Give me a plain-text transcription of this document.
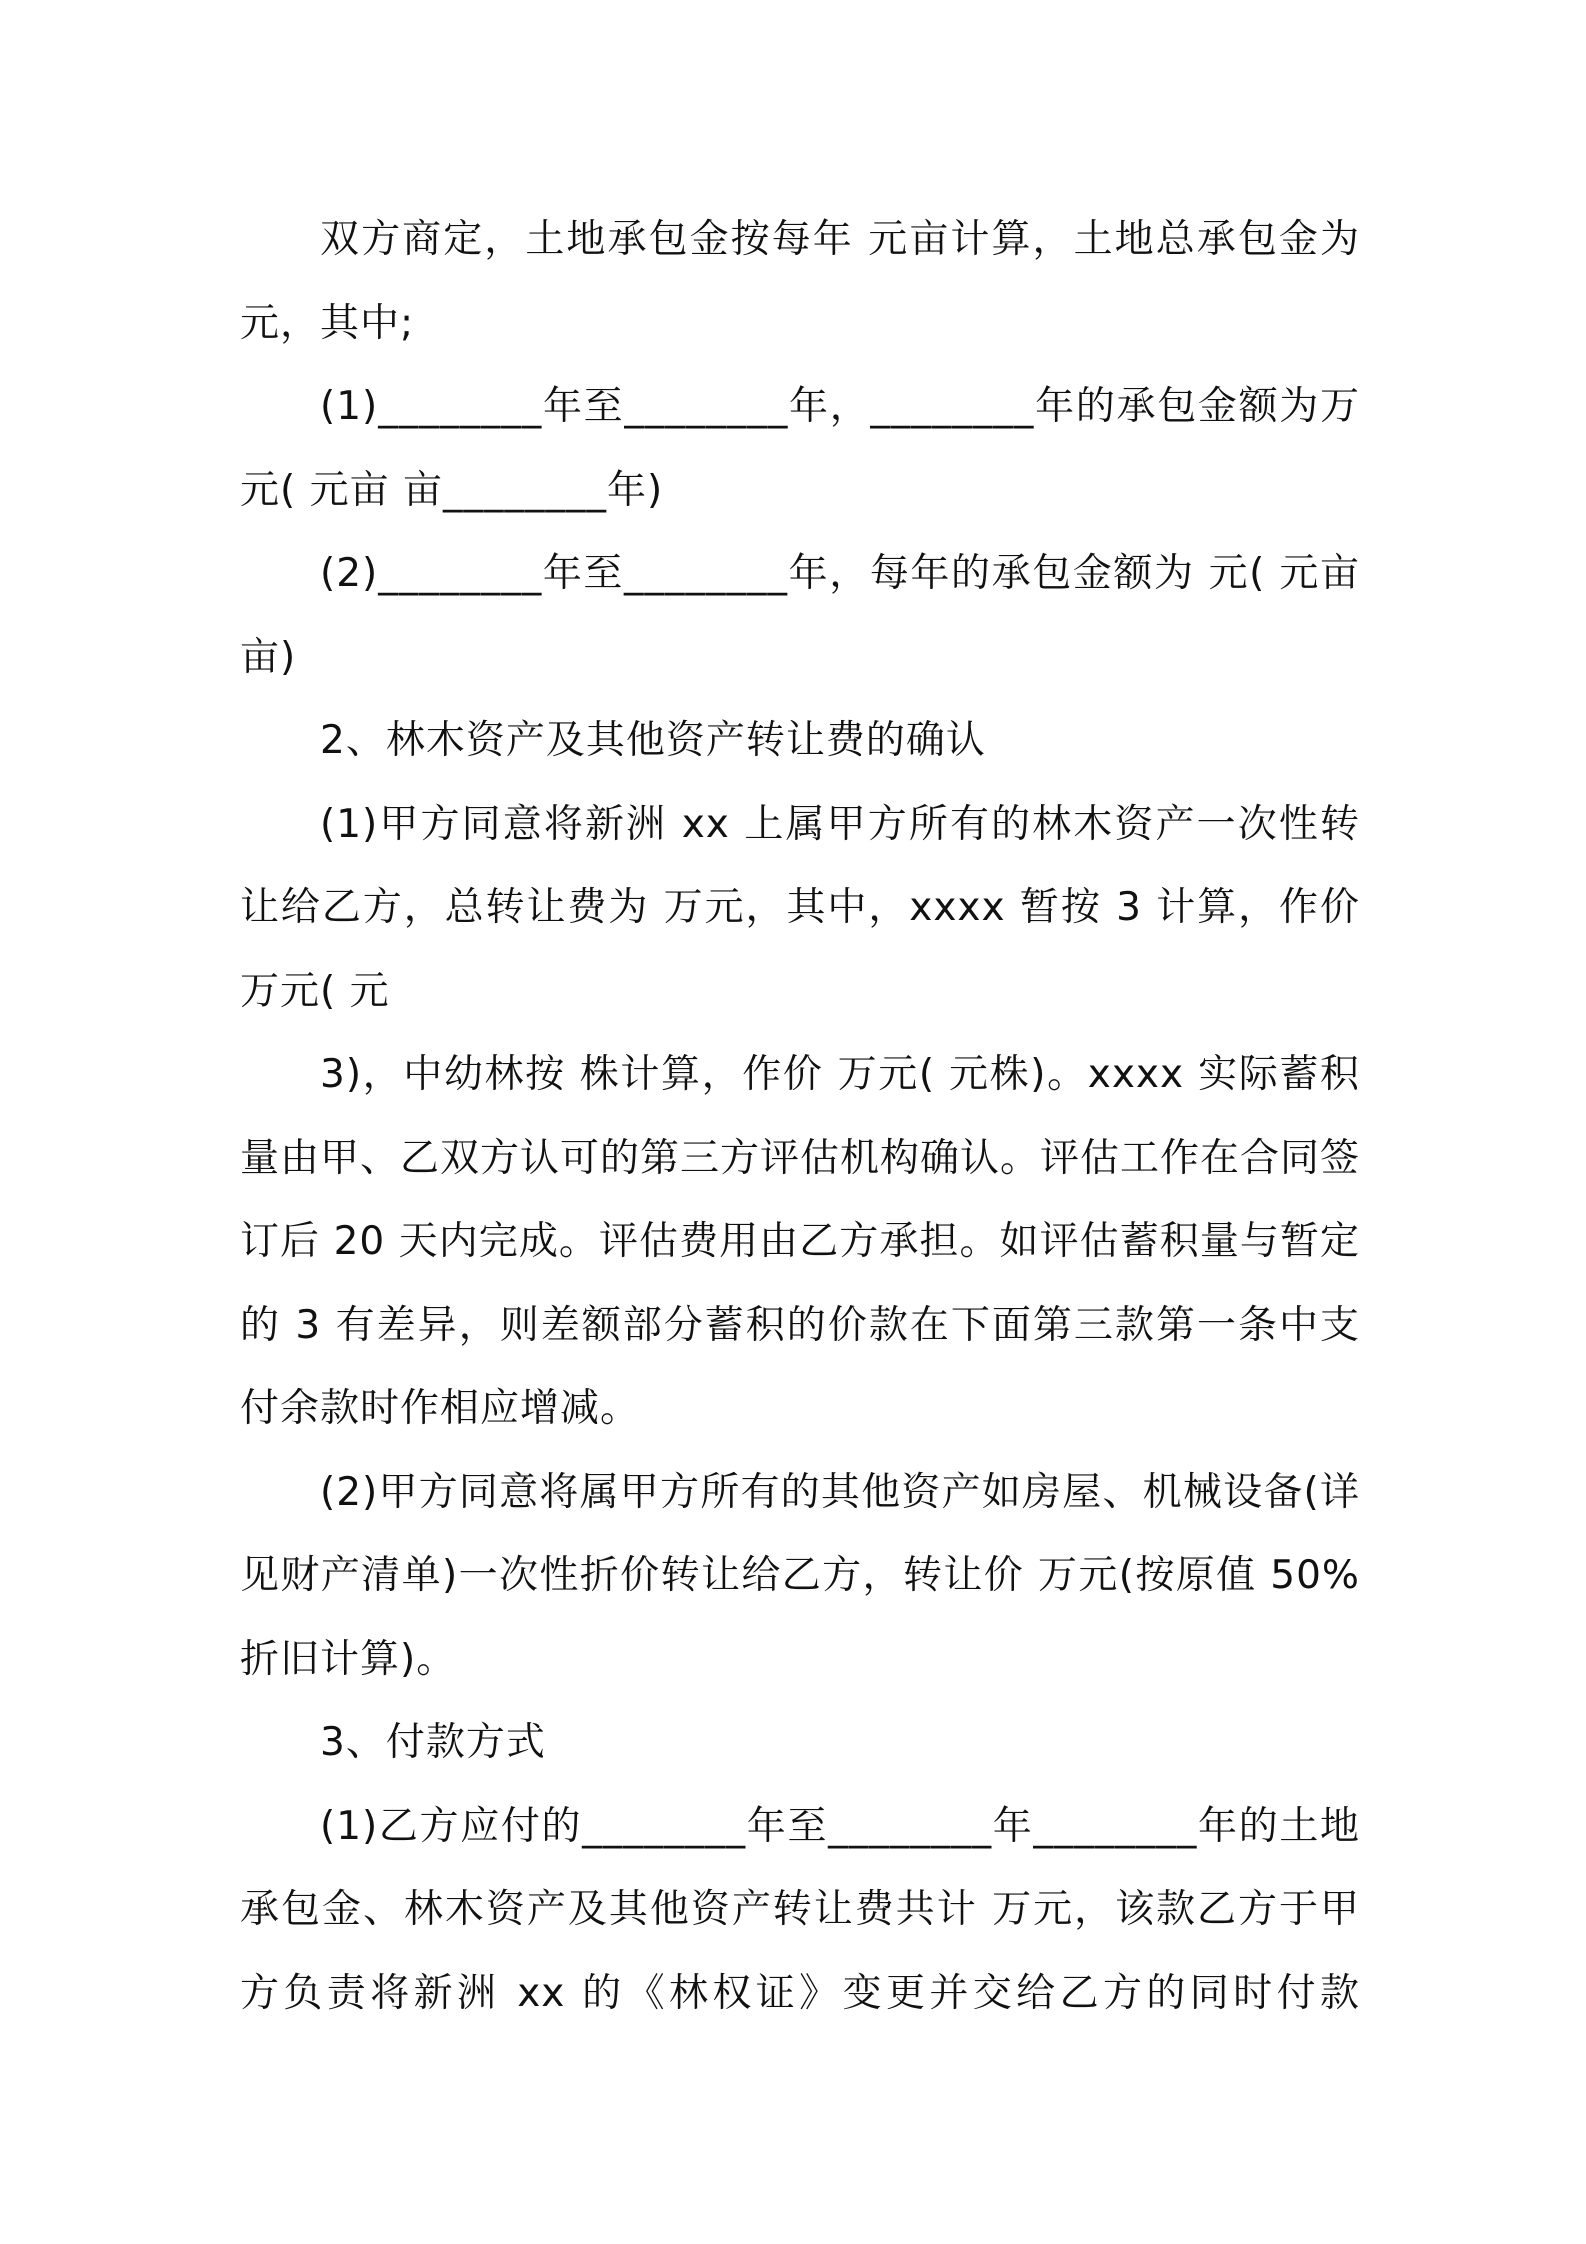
双方商定，土地承包金按每年 元亩计算，土地总承包金为元，其中;

(1)________年至________年，________年的承包金额为万元( 元亩 亩________年)

(2)________年至________年，每年的承包金额为 元( 元亩 亩)

2、林木资产及其他资产转让费的确认

(1)甲方同意将新洲 xx 上属甲方所有的林木资产一次性转让给乙方，总转让费为 万元，其中，xxxx 暂按 3 计算，作价 万元( 元

3)，中幼林按 株计算，作价 万元( 元株)。xxxx 实际蓄积量由甲、乙双方认可的第三方评估机构确认。评估工作在合同签订后 20 天内完成。评估费用由乙方承担。如评估蓄积量与暂定的 3 有差异，则差额部分蓄积的价款在下面第三款第一条中支付余款时作相应增减。

(2)甲方同意将属甲方所有的其他资产如房屋、机械设备(详见财产清单)一次性折价转让给乙方，转让价 万元(按原值 50%折旧计算)。

3、付款方式

(1)乙方应付的________年至________年________年的土地承包金、林木资产及其他资产转让费共计 万元，该款乙方于甲方负责将新洲 xx 的《林权证》变更并交给乙方的同时付款
